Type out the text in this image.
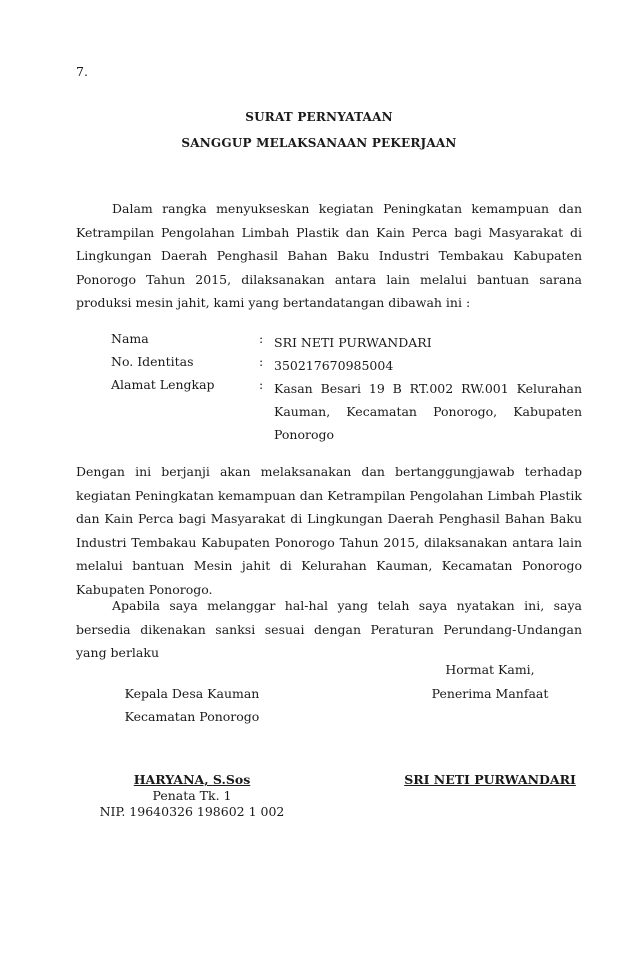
7.
SURAT PERNYATAAN
SANGGUP MELAKSANAAN PEKERJAAN
Dalam rangka menyukseskan kegiatan Peningkatan kemampuan dan Ketrampilan Pengolahan Limbah Plastik dan Kain Perca bagi Masyarakat di Lingkungan Daerah Penghasil Bahan Baku Industri Tembakau Kabupaten Ponorogo Tahun 2015, dilaksanakan antara lain melalui bantuan sarana produksi mesin jahit, kami yang bertandatangan dibawah ini :
Nama	: SRI NETI PURWANDARI
No. Identitas	: 350217670985004
Alamat Lengkap	: Kasan Besari 19 B RT.002 RW.001 Kelurahan Kauman, Kecamatan Ponorogo, Kabupaten Ponorogo
Dengan ini berjanji akan melaksanakan dan bertanggungjawab terhadap kegiatan Peningkatan kemampuan dan Ketrampilan Pengolahan Limbah Plastik dan Kain Perca bagi Masyarakat di Lingkungan Daerah Penghasil Bahan Baku Industri Tembakau Kabupaten Ponorogo Tahun 2015, dilaksanakan antara lain melalui bantuan Mesin jahit di Kelurahan Kauman, Kecamatan Ponorogo Kabupaten Ponorogo.
Apabila saya melanggar hal-hal yang telah saya nyatakan ini, saya bersedia dikenakan sanksi sesuai dengan Peraturan Perundang-Undangan yang berlaku
Hormat Kami,
Kepala Desa Kauman	Penerima Manfaat
Kecamatan Ponorogo
HARYANA, S.Sos	SRI NETI PURWANDARI
Penata Tk. 1
NIP. 19640326 198602 1 002
